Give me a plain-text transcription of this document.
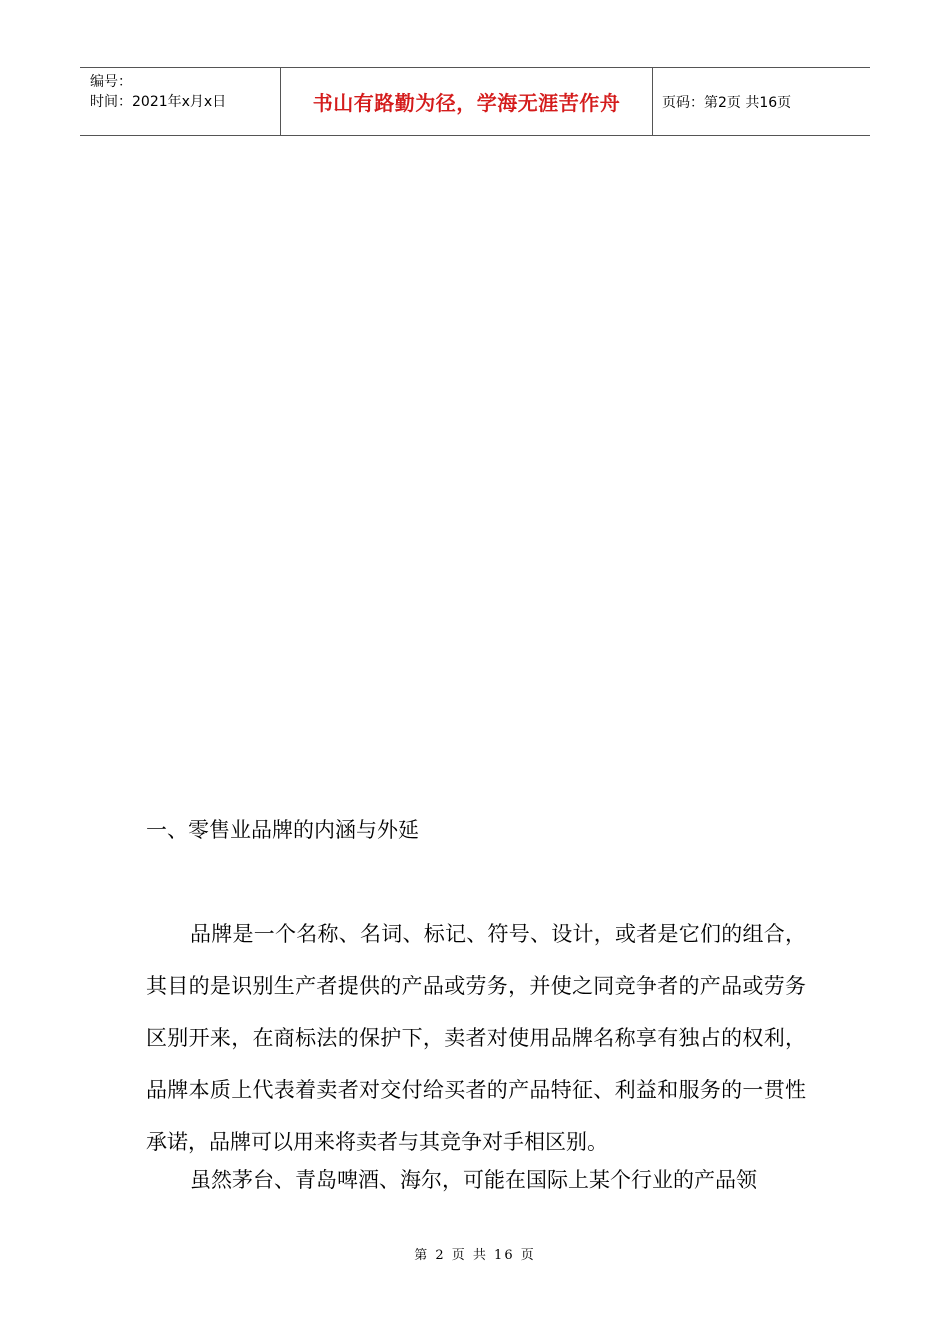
编号：
时间：2021年x月x日	书山有路勤为径，学海无涯苦作舟	页码：第2页 共16页
一、零售业品牌的内涵与外延

品牌是一个名称、名词、标记、符号、设计，或者是它们的组合，其目的是识别生产者提供的产品或劳务，并使之同竞争者的产品或劳务区别开来，在商标法的保护下，卖者对使用品牌名称享有独占的权利，品牌本质上代表着卖者对交付给买者的产品特征、利益和服务的一贯性承诺，品牌可以用来将卖者与其竞争对手相区别。

虽然茅台、青岛啤酒、海尔，可能在国际上某个行业的产品领

第 2 页 共 16 页
